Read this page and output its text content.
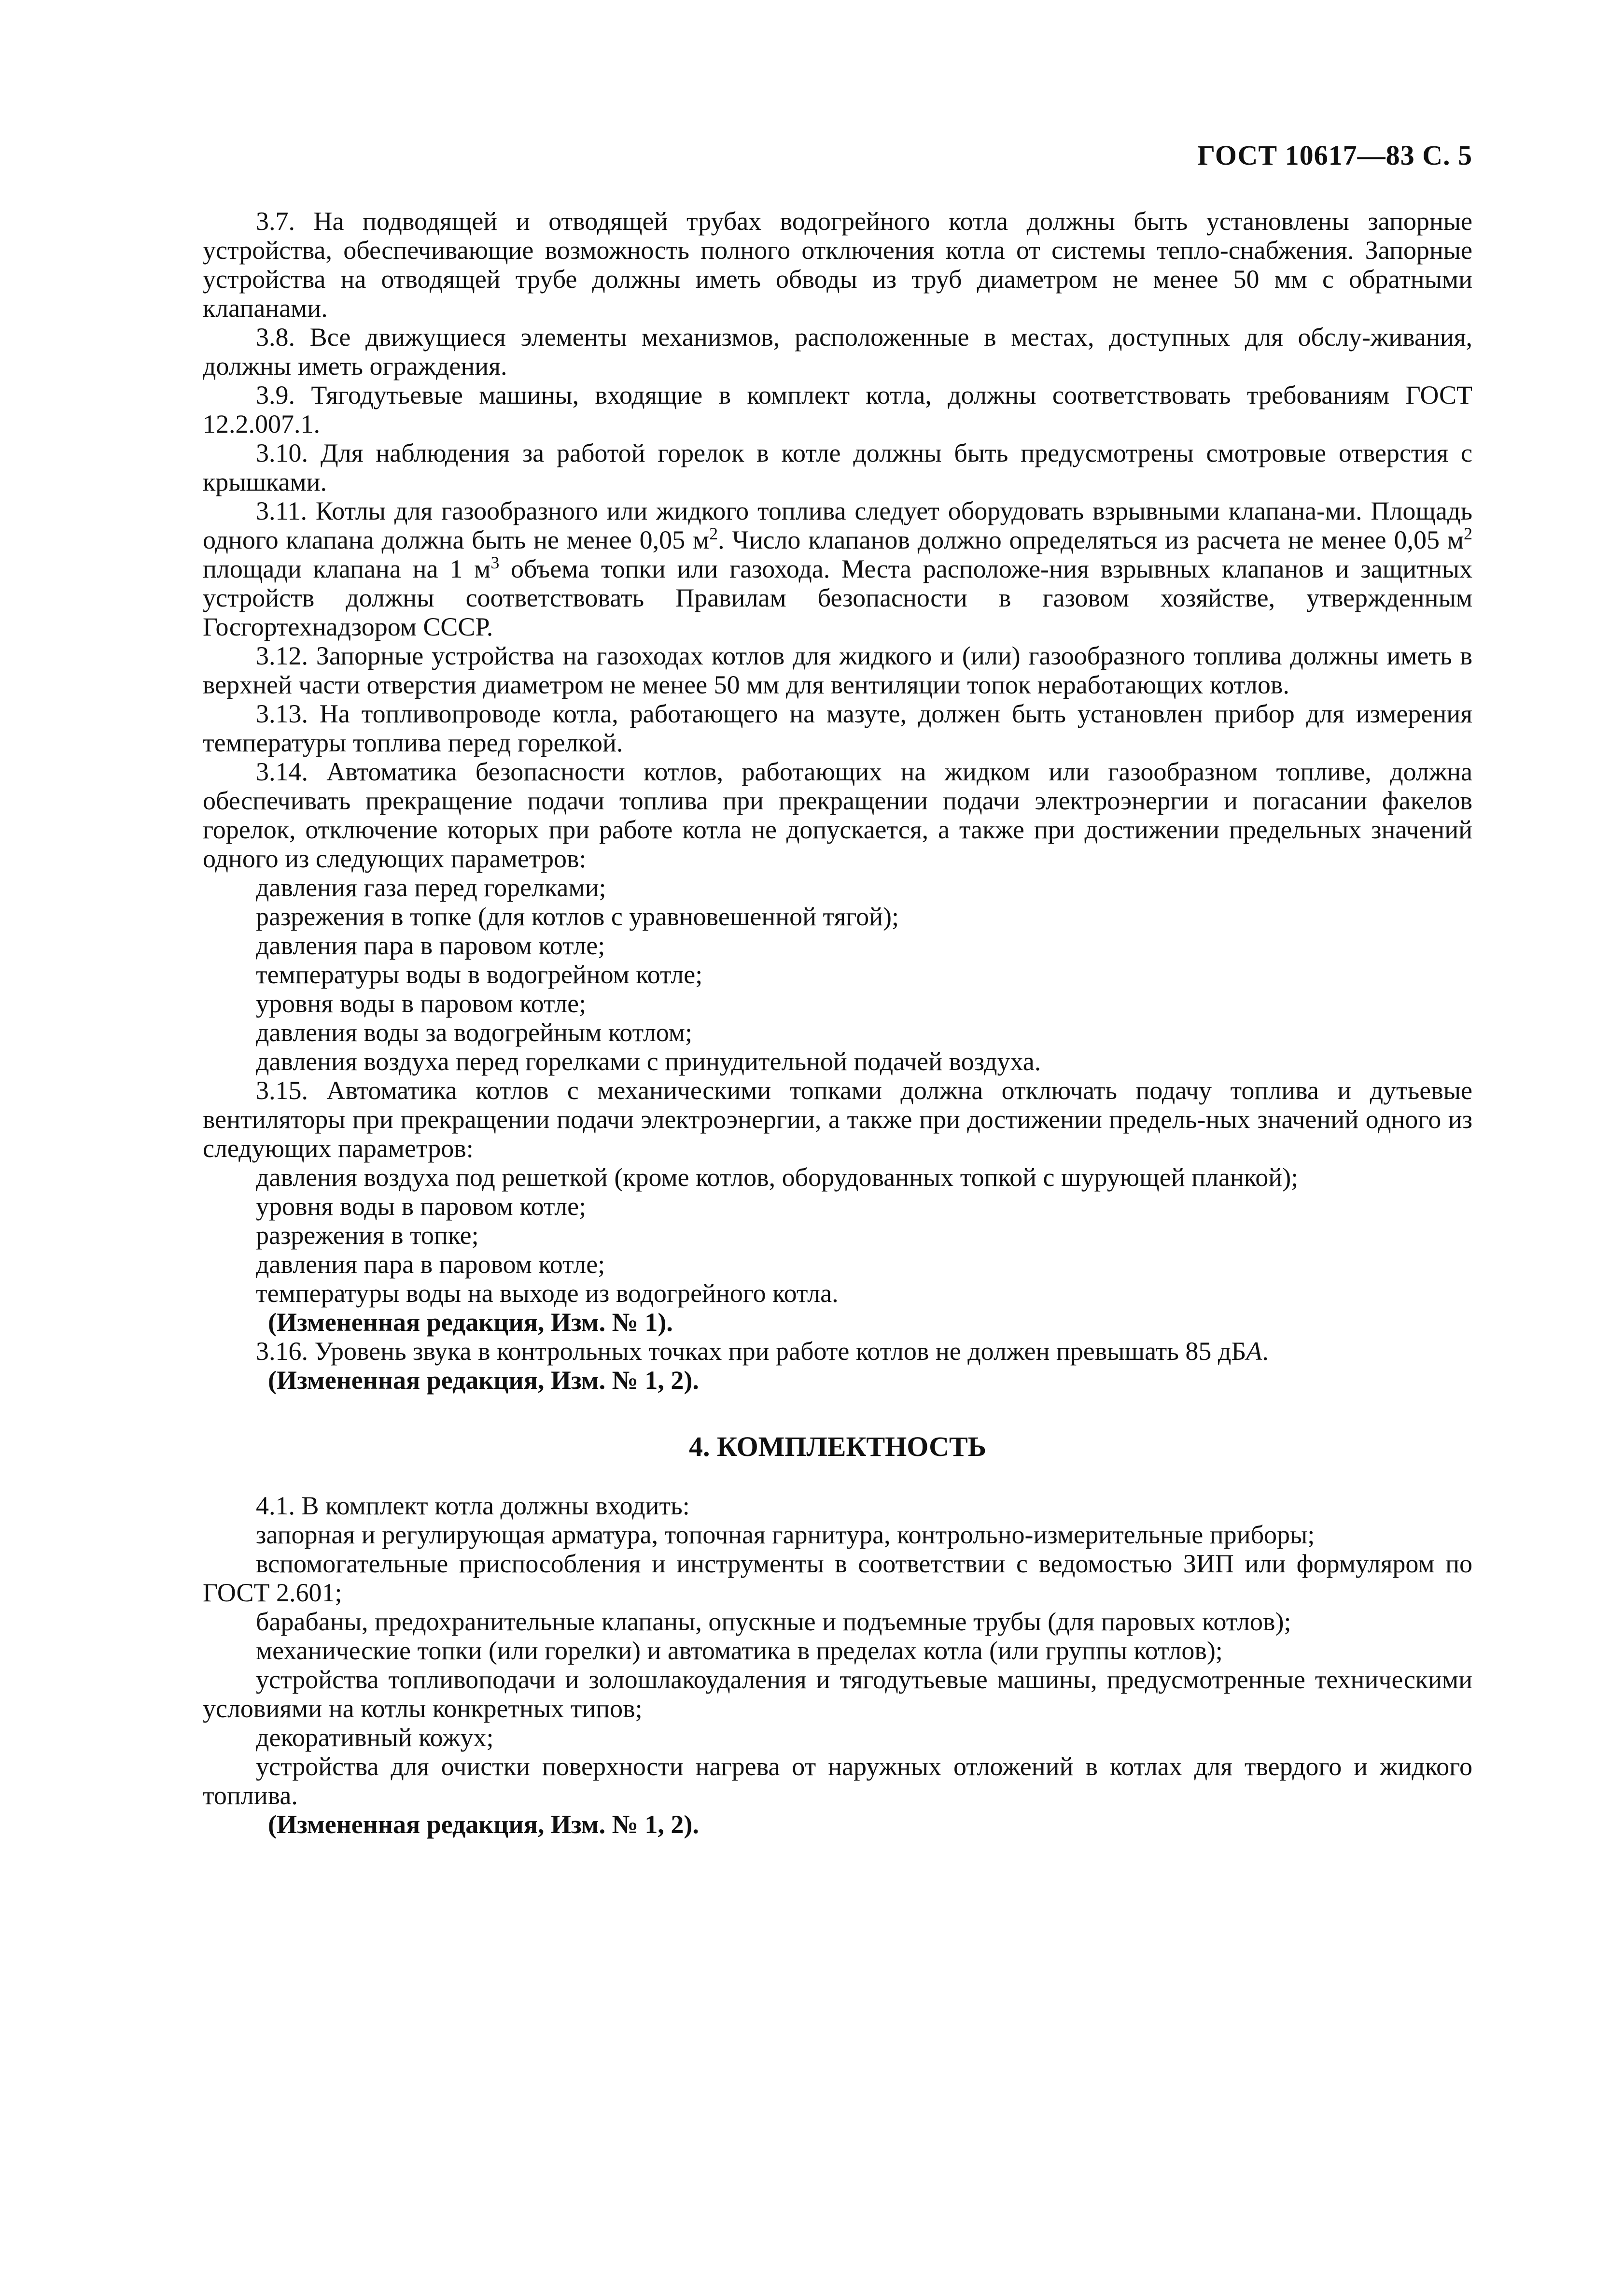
ГОСТ 10617—83 С. 5

3.7. На подводящей и отводящей трубах водогрейного котла должны быть установлены запорные устройства, обеспечивающие возможность полного отключения котла от системы тепло-снабжения. Запорные устройства на отводящей трубе должны иметь обводы из труб диаметром не менее 50 мм с обратными клапанами.

3.8. Все движущиеся элементы механизмов, расположенные в местах, доступных для обслу-живания, должны иметь ограждения.

3.9. Тягодутьевые машины, входящие в комплект котла, должны соответствовать требованиям ГОСТ 12.2.007.1.

3.10. Для наблюдения за работой горелок в котле должны быть предусмотрены смотровые отверстия с крышками.

3.11. Котлы для газообразного или жидкого топлива следует оборудовать взрывными клапана-ми. Площадь одного клапана должна быть не менее 0,05 $м^2$. Число клапанов должно определяться из расчета не менее 0,05 $м^2$ площади клапана на 1 $м^3$ объема топки или газохода. Места расположе-ния взрывных клапанов и защитных устройств должны соответствовать Правилам безопасности в газовом хозяйстве, утвержденным Госгортехнадзором СССР.

3.12. Запорные устройства на газоходах котлов для жидкого и (или) газообразного топлива должны иметь в верхней части отверстия диаметром не менее 50 мм для вентиляции топок неработающих котлов.

3.13. На топливопроводе котла, работающего на мазуте, должен быть установлен прибор для измерения температуры топлива перед горелкой.

3.14. Автоматика безопасности котлов, работающих на жидком или газообразном топливе, должна обеспечивать прекращение подачи топлива при прекращении подачи электроэнергии и погасании факелов горелок, отключение которых при работе котла не допускается, а также при достижении предельных значений одного из следующих параметров:

давления газа перед горелками;

разрежения в топке (для котлов с уравновешенной тягой);

давления пара в паровом котле;

температуры воды в водогрейном котле;

уровня воды в паровом котле;

давления воды за водогрейным котлом;

давления воздуха перед горелками с принудительной подачей воздуха.

3.15. Автоматика котлов с механическими топками должна отключать подачу топлива и дутьевые вентиляторы при прекращении подачи электроэнергии, а также при достижении предель-ных значений одного из следующих параметров:

давления воздуха под решеткой (кроме котлов, оборудованных топкой с шурующей планкой);

уровня воды в паровом котле;

разрежения в топке;

давления пара в паровом котле;

температуры воды на выходе из водогрейного котла.

(Измененная редакция, Изм. № 1).

3.16. Уровень звука в контрольных точках при работе котлов не должен превышать 85 дБА.

(Измененная редакция, Изм. № 1, 2).

4. КОМПЛЕКТНОСТЬ

4.1. В комплект котла должны входить:

запорная и регулирующая арматура, топочная гарнитура, контрольно-измерительные приборы;

вспомогательные приспособления и инструменты в соответствии с ведомостью ЗИП или формуляром по ГОСТ 2.601;

барабаны, предохранительные клапаны, опускные и подъемные трубы (для паровых котлов);

механические топки (или горелки) и автоматика в пределах котла (или группы котлов);

устройства топливоподачи и золошлакоудаления и тягодутьевые машины, предусмотренные техническими условиями на котлы конкретных типов;

декоративный кожух;

устройства для очистки поверхности нагрева от наружных отложений в котлах для твердого и жидкого топлива.

(Измененная редакция, Изм. № 1, 2).
